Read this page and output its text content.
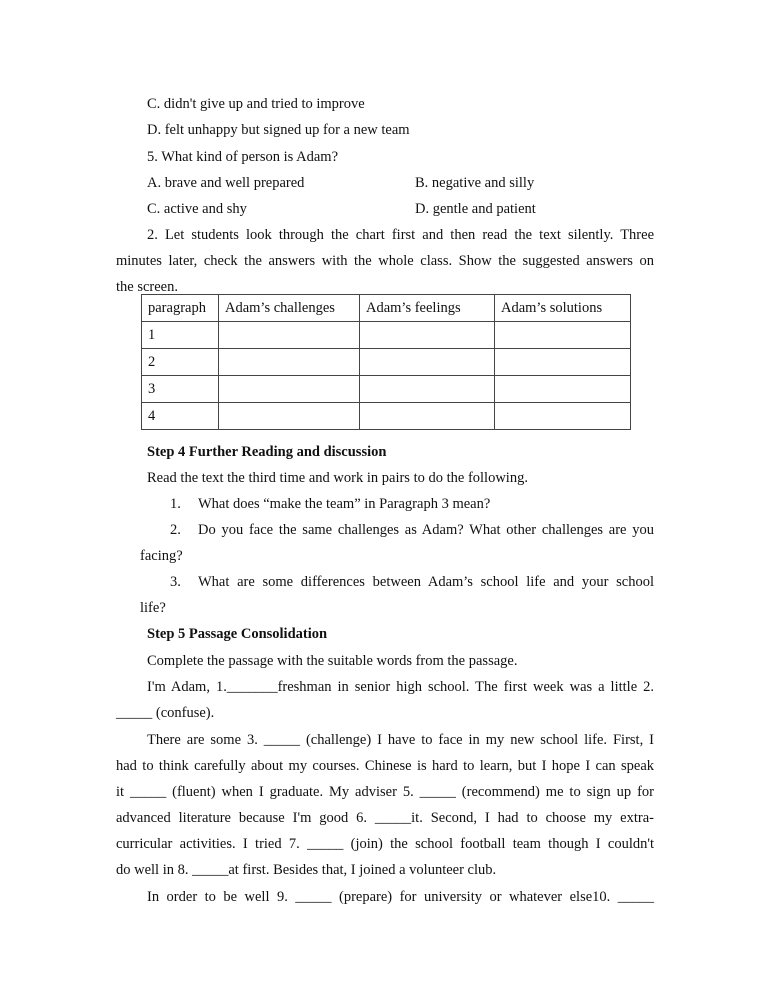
C. didn't give up and tried to improve
D. felt unhappy but signed up for a new team
5. What kind of person is Adam?
A. brave and well prepared	B. negative and silly
C. active and shy	D. gentle and patient
2. Let students look through the chart first and then read the text silently. Three
minutes later, check the answers with the whole class. Show the suggested answers on
the screen.
paragraph	Adam’s challenges	Adam’s feelings	Adam’s solutions
1			
2			
3			
4			
Step 4 Further Reading and discussion
Read the text the third time and work in pairs to do the following.
1. What does “make the team” in Paragraph 3 mean?
2. Do you face the same challenges as Adam? What other challenges are you
facing?
3. What are some differences between Adam’s school life and your school
life?
Step 5 Passage Consolidation
Complete the passage with the suitable words from the passage.
I'm Adam, 1._______freshman in senior high school. The first week was a little 2.
_____ (confuse).
There are some 3. _____ (challenge) I have to face in my new school life. First, I
had to think carefully about my courses. Chinese is hard to learn, but I hope I can speak
it _____ (fluent) when I graduate. My adviser 5. _____ (recommend) me to sign up for
advanced literature because I'm good 6. _____it. Second, I had to choose my extra-
curricular activities. I tried 7. _____ (join) the school football team though I couldn't
do well in 8. _____at first. Besides that, I joined a volunteer club.
In order to be well 9. _____ (prepare) for university or whatever else10. _____
